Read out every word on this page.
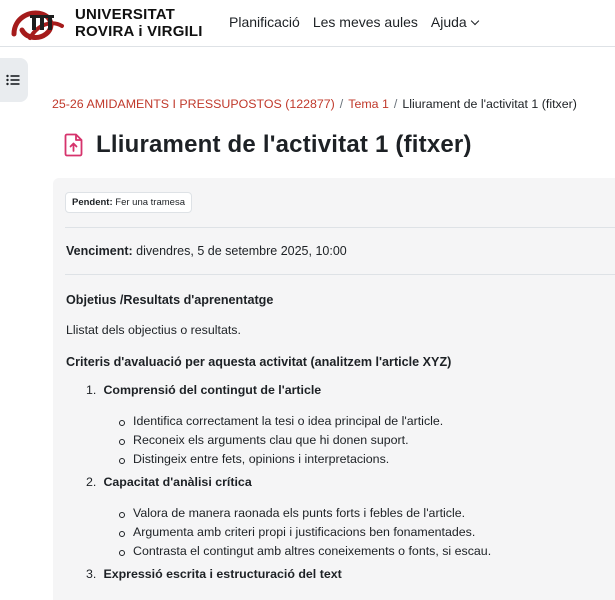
UNIVERSITAT
ROVIRA i VIRGILI
Planificació Les meves aules Ajuda
25-26 AMIDAMENTS I PRESSUPOSTOS (122877) / Tema 1 / Lliurament de l'activitat 1 (fitxer)
Lliurament de l'activitat 1 (fitxer)
Pendent: Fer una tramesa
Venciment: divendres, 5 de setembre 2025, 10:00
Objetius /Resultats d'aprenentatge

Llistat dels objectius o resultats.

Criteris d'avaluació per aquesta activitat (analitzem l'article XYZ)
1. Comprensió del contingut de l'article
Identifica correctament la tesi o idea principal de l'article.
Reconeix els arguments clau que hi donen suport.
Distingeix entre fets, opinions i interpretacions.
2. Capacitat d'anàlisi crítica
Valora de manera raonada els punts forts i febles de l'article.
Argumenta amb criteri propi i justificacions ben fonamentades.
Contrasta el contingut amb altres coneixements o fonts, si escau.
3. Expressió escrita i estructuració del text
